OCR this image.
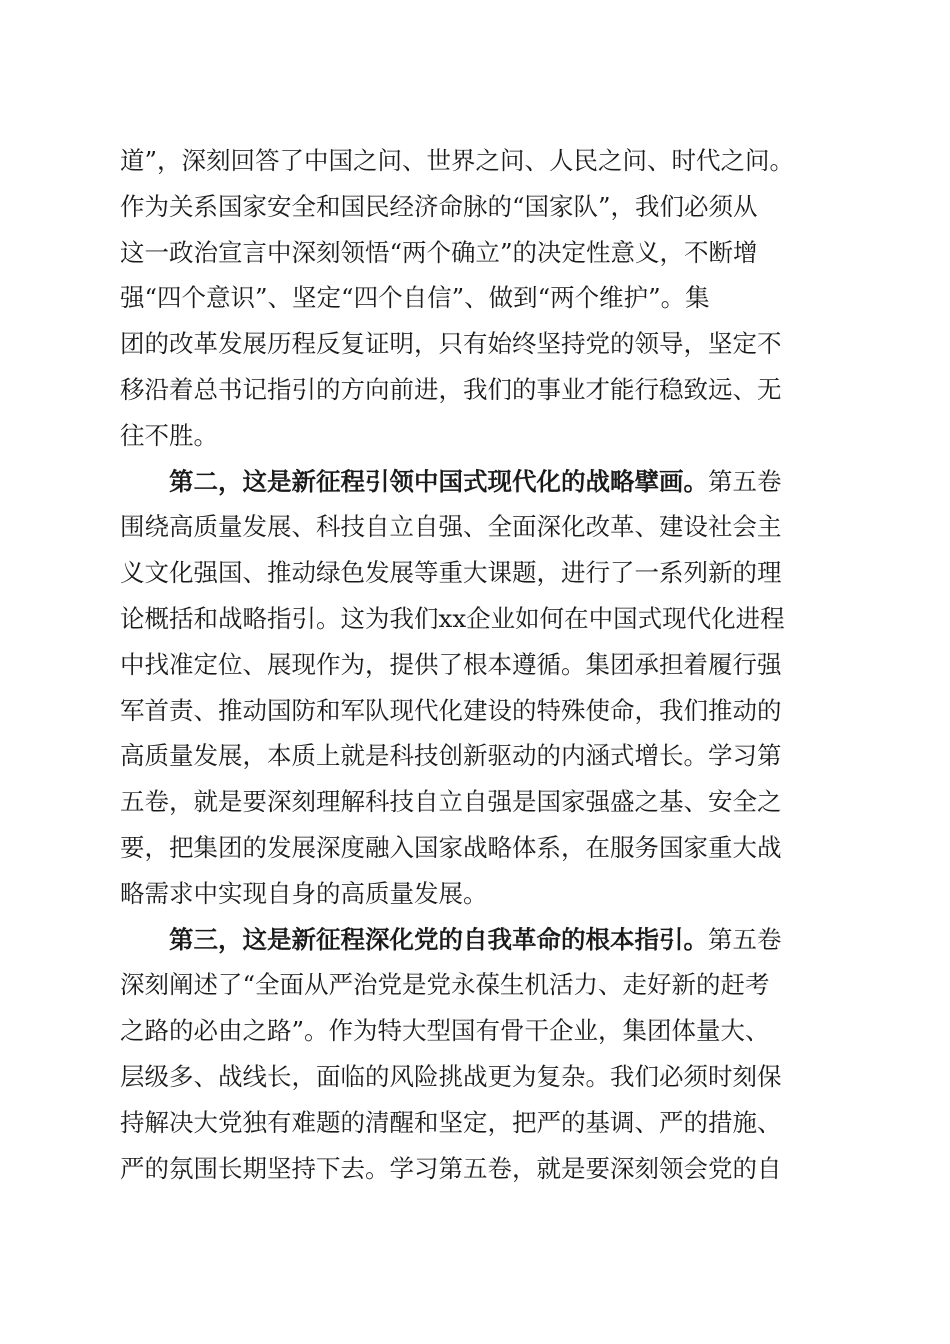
道”，深刻回答了中国之问、世界之问、人民之问、时代之问。
作为关系国家安全和国民经济命脉的“国家队”，我们必须从
这一政治宣言中深刻领悟“两个确立”的决定性意义，不断增
强“四个意识”、坚定“四个自信”、做到“两个维护”。集
团的改革发展历程反复证明，只有始终坚持党的领导，坚定不
移沿着总书记指引的方向前进，我们的事业才能行稳致远、无
往不胜。
　　第二，这是新征程引领中国式现代化的战略擘画。第五卷
围绕高质量发展、科技自立自强、全面深化改革、建设社会主
义文化强国、推动绿色发展等重大课题，进行了一系列新的理
论概括和战略指引。这为我们xx企业如何在中国式现代化进程
中找准定位、展现作为，提供了根本遵循。集团承担着履行强
军首责、推动国防和军队现代化建设的特殊使命，我们推动的
高质量发展，本质上就是科技创新驱动的内涵式增长。学习第
五卷，就是要深刻理解科技自立自强是国家强盛之基、安全之
要，把集团的发展深度融入国家战略体系，在服务国家重大战
略需求中实现自身的高质量发展。
　　第三，这是新征程深化党的自我革命的根本指引。第五卷
深刻阐述了“全面从严治党是党永葆生机活力、走好新的赶考
之路的必由之路”。作为特大型国有骨干企业，集团体量大、
层级多、战线长，面临的风险挑战更为复杂。我们必须时刻保
持解决大党独有难题的清醒和坚定，把严的基调、严的措施、
严的氛围长期坚持下去。学习第五卷，就是要深刻领会党的自
